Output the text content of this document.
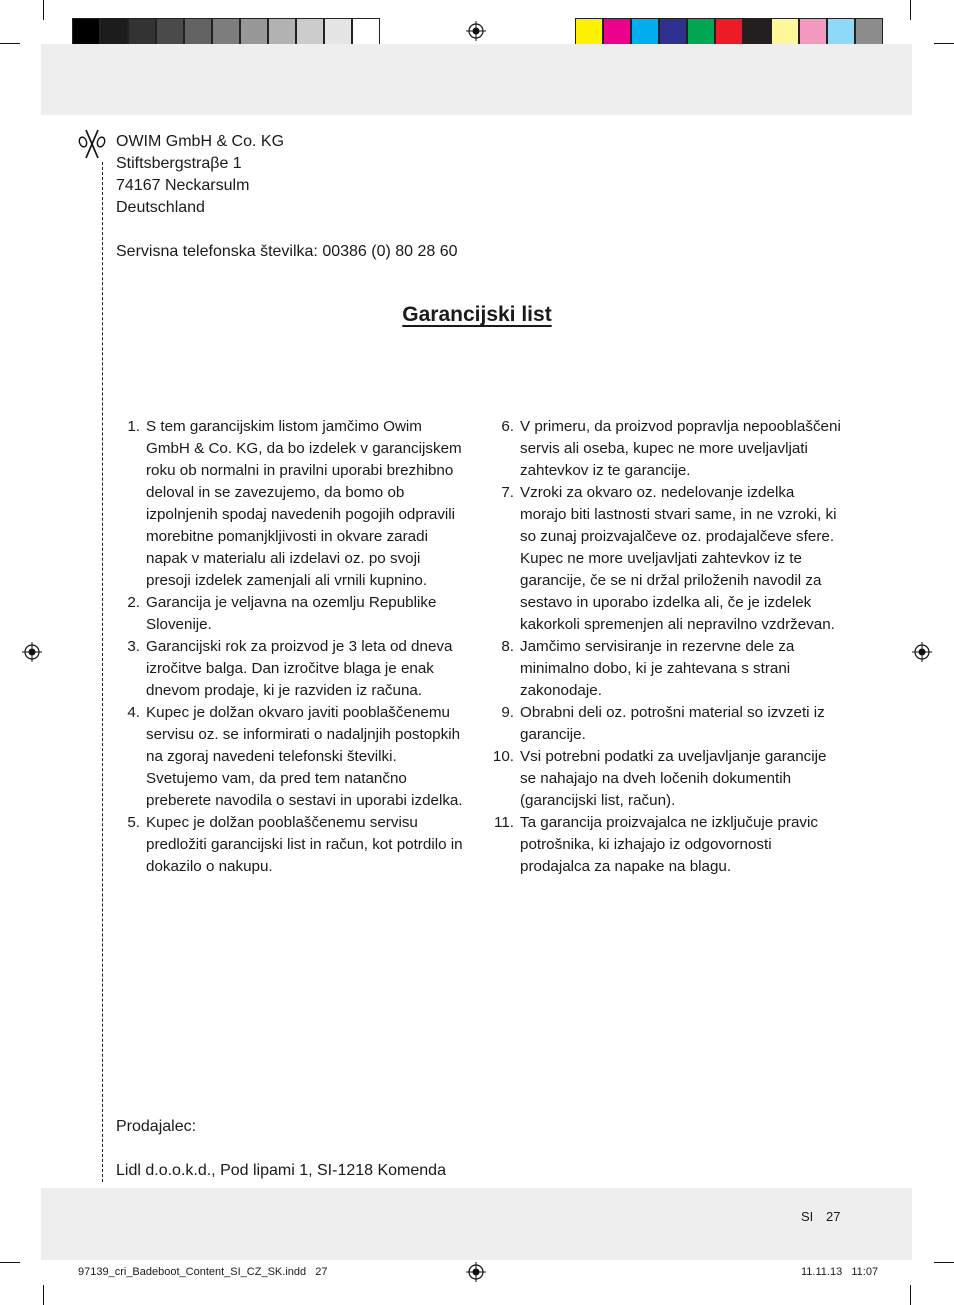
OWIM GmbH & Co. KG
Stiftsbergstraβe 1
74167 Neckarsulm
Deutschland
Servisna telefonska številka: 00386 (0) 80 28 60
Garancijski list
1. S tem garancijskim listom jamčimo Owim GmbH & Co. KG, da bo izdelek v garancijskem roku ob normalni in pravilni uporabi brezhibno deloval in se zavezujemo, da bomo ob izpolnjenih spodaj navedenih pogojih odpravili morebitne pomanjkljivosti in okvare zaradi napak v materialu ali izdelavi oz. po svoji presoji izdelek zamenjali ali vrnili kupnino.
2. Garancija je veljavna na ozemlju Republike Slovenije.
3. Garancijski rok za proizvod je 3 leta od dneva izročitve balga. Dan izročitve blaga je enak dnevom prodaje, ki je razviden iz računa.
4. Kupec je dolžan okvaro javiti pooblaščenemu servisu oz. se informirati o nadaljnjih postopkih na zgoraj navedeni telefonski številki. Svetujemo vam, da pred tem natančno preberete navodila o sestavi in uporabi izdelka.
5. Kupec je dolžan pooblaščenemu servisu predložiti garancijski list in račun, kot potrdilo in dokazilo o nakupu.
6. V primeru, da proizvod popravlja nepooblaščeni servis ali oseba, kupec ne more uveljavljati zahtevkov iz te garancije.
7. Vzroki za okvaro oz. nedelovanje izdelka morajo biti lastnosti stvari same, in ne vzroki, ki so zunaj proizvajalčeve oz. prodajalčeve sfere. Kupec ne more uveljavljati zahtevkov iz te garancije, če se ni držal priloženih navodil za sestavo in uporabo izdelka ali, če je izdelek kakorkoli spremenjen ali nepravilno vzdrževan.
8. Jamčimo servisiranje in rezervne dele za minimalno dobo, ki je zahtevana s strani zakonodaje.
9. Obrabni deli oz. potrošni material so izvzeti iz garancije.
10. Vsi potrebni podatki za uveljavljanje garancije se nahajajo na dveh ločenih dokumentih (garancijski list, račun).
11. Ta garancija proizvajalca ne izključuje pravic potrošnika, ki izhajajo iz odgovornosti prodajalca za napake na blagu.
Prodajalec:
Lidl d.o.o.k.d., Pod lipami 1, SI-1218 Komenda
SI 27
97139_cri_Badeboot_Content_SI_CZ_SK.indd   27	11.11.13   11:07
